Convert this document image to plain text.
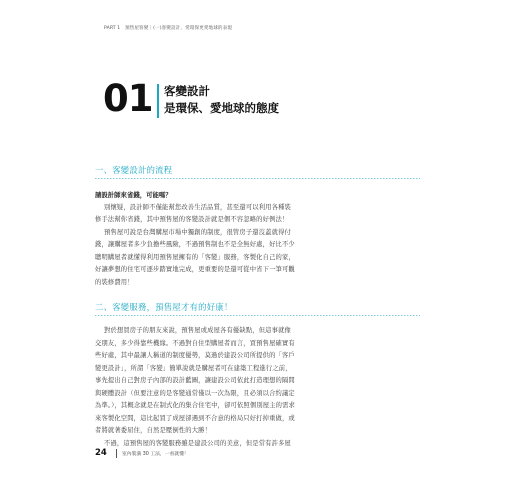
PART 1　預售屋客變｜(一)客變設計，愛環保更愛地球的表現
01 客變設計
是環保、愛地球的態度
一、客變設計的流程
請設計師來省錢，可能嗎？
別懷疑，設計師不僅能幫您改善生活品質，甚至還可以利用各種裝
修手法幫你省錢，其中預售屋的客變設計就是個不容忽略的好例法！
預售屋可說是台灣購屋市場中獨創的制度，很管房子還沒蓋就得付
錢，讓購屋者多少負擔些風險，不過預售制也不是全無好處，好比不少
聰明購屋者就懂得利用預售屋擁有的「客變」服務，客製化自己的家，
好讓夢想的住宅可逐步踏實地完成，更重要的是還可從中省下一筆可觀
的裝修費用！
二、客變服務，預售屋才有的好康！
對於想買房子的朋友來說，預售屋或成屋各有優缺點，但這事就像
交朋友，多少得靠些機緣。不過對自住型購屋者而言，買預售屋確實有
些好處，其中最讓人稱道的制度優勢，莫過於建設公司所提供的「客戶
變更設計」，所謂「客變」簡單說就是購屋者可在建築工程進行之前，
事先提出自己對房子內部的設計藍圖，讓建設公司依此打造理想的隔間
與硬體設計（但要注意的是客變通常僅以一次為限，且必須以合約議定
為準。），其概念就是在制式化的集合住宅中，卻可依照個別屋主的需求
來客製化空間，這比起買了成屋卻遇到不合意的格局只好打掉重做，或
者將就著委屈住，自然是壓倒性的大勝！
不過，這預售屋的客變服務雖是建設公司的美意，但是常有許多屋
24	室內裝潢 30 工法，一看就懂！
